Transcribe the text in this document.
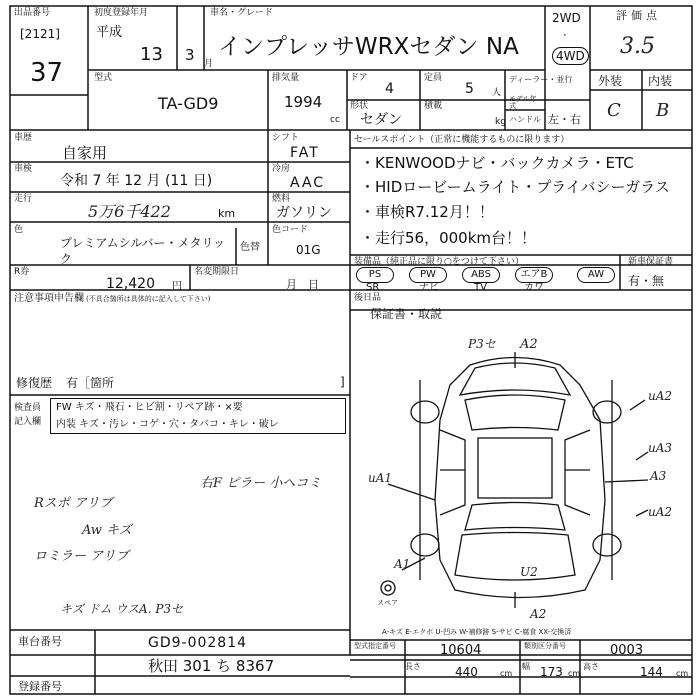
出品番号
[2121]
37
初度登録年月
平成
13 3 月
車名・グレード
インプレッサWRXセダン NA
2WD
·
4WD
評価点
3.5
型式
TA-GD9
排気量
1994
cc
ドア
4
定員
5 人
ディーラー・並行
モデル年式
形状
セダン
積載
kg ハンドル 左・右
外装 内装
C B
車歴
自家用
車検
令和 7 年 12 月 (11 日)
走行
5万6千422	km
色
プレミアムシルバー・メタリック
色替
シフト
FAT
冷房
AAC
燃料
ガソリン
色コード
01G
R券
12,420 円
名変期限日
月　日
セールスポイント（正常に機能するものに限ります）
・KENWOODナビ・バックカメラ・ETC
・HIDロービームライト・プライバシーガラス
・車検R7.12月！！
・走行56，000km台！！
装備品（純正品に限り○をつけて下さい）
PS	PW	ABS	エアB	AW
SR	ナビ	TV	カワ
新車保証書
有・無
後日品
保証書・取説
注意事項申告欄 (不具合箇所は具体的に記入して下さい)
修復歴 有［箇所	]
検査員記入欄
FW キズ・飛石・ヒビ割・リペア跡・×要
内装 キズ・汚レ・コゲ・穴・タバコ・キレ・破レ
右F ピラー 小ヘコミ
Rスポ アリブ
Aw キズ
ロミラー アリブ
キズ ドム ウスA. P3セ
P3セ A2
uA2
uA1	A3
uA3
uA2
A1
U2
A2
スペア
A-キズ E-エクボ U-凹み W-補修跡 S-サビ C-腐食 XX-交換済
車台番号	GD9-002814
登録番号
秋田 301 ち 8367
型式指定番号	10604	類別区分番号	0003
長さ	440	cm
幅 173 cm
高さ	144 cm
